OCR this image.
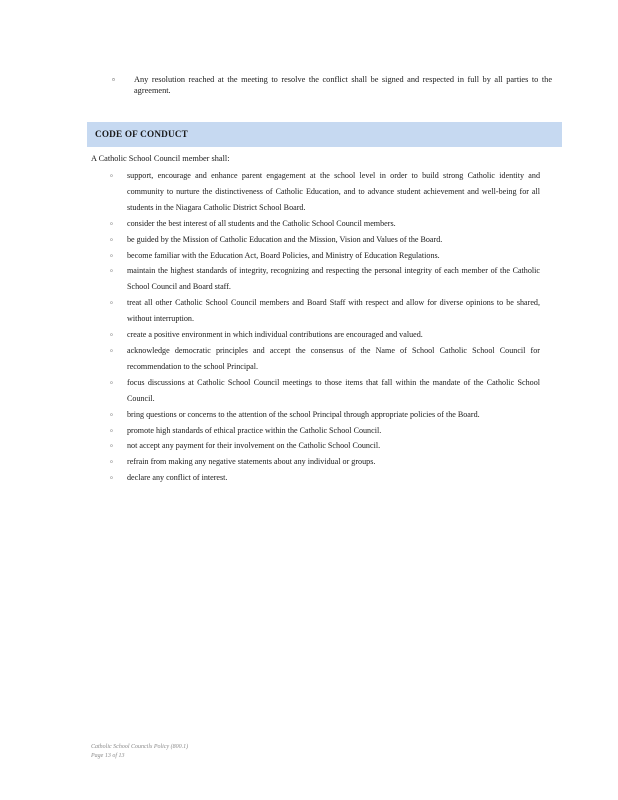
▫ Any resolution reached at the meeting to resolve the conflict shall be signed and respected in full by all parties to the agreement.
CODE OF CONDUCT
A Catholic School Council member shall:
▫ support, encourage and enhance parent engagement at the school level in order to build strong Catholic identity and community to nurture the distinctiveness of Catholic Education, and to advance student achievement and well-being for all students in the Niagara Catholic District School Board.
▫ consider the best interest of all students and the Catholic School Council members.
▫ be guided by the Mission of Catholic Education and the Mission, Vision and Values of the Board.
▫ become familiar with the Education Act, Board Policies, and Ministry of Education Regulations.
▫ maintain the highest standards of integrity, recognizing and respecting the personal integrity of each member of the Catholic School Council and Board staff.
▫ treat all other Catholic School Council members and Board Staff with respect and allow for diverse opinions to be shared, without interruption.
▫ create a positive environment in which individual contributions are encouraged and valued.
▫ acknowledge democratic principles and accept the consensus of the Name of School Catholic School Council for recommendation to the school Principal.
▫ focus discussions at Catholic School Council meetings to those items that fall within the mandate of the Catholic School Council.
▫ bring questions or concerns to the attention of the school Principal through appropriate policies of the Board.
▫ promote high standards of ethical practice within the Catholic School Council.
▫ not accept any payment for their involvement on the Catholic School Council.
▫ refrain from making any negative statements about any individual or groups.
▫ declare any conflict of interest.
Catholic School Councils Policy (800.1)
Page 13 of 13
